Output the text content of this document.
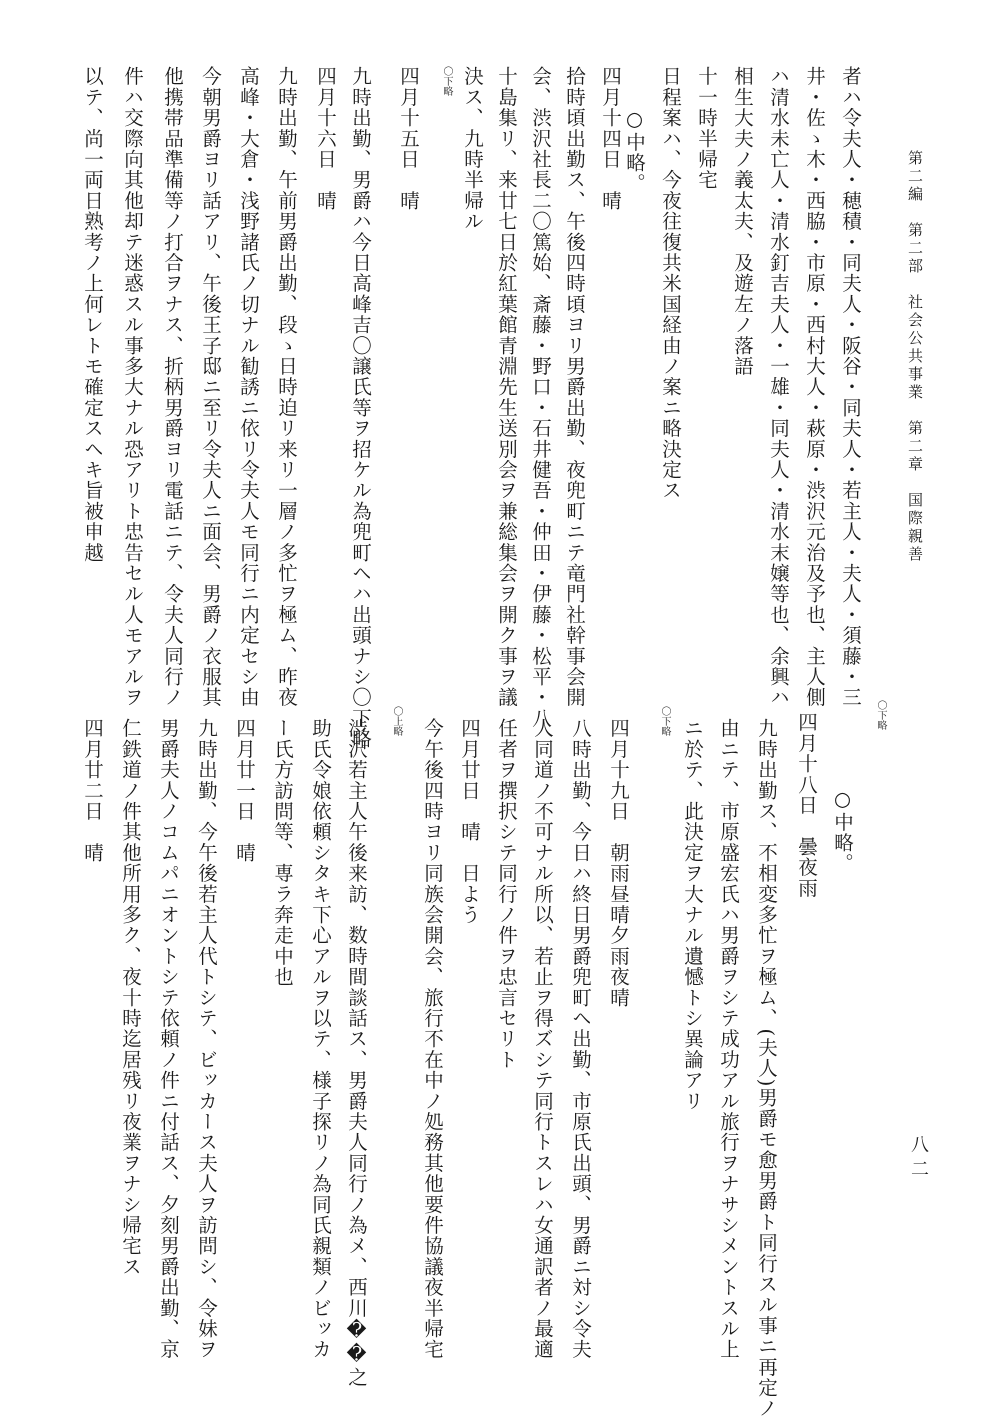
第二編　第二部　社会公共事業　第二章　国際親善
八二
者ハ令夫人・穂積・同夫人・阪谷・同夫人・若主人・夫人・須藤・三
井・佐ゝ木・西脇・市原・西村大人・萩原・渋沢元治及予也、主人側
ハ清水未亡人・清水釘吉夫人・一雄・同夫人・清水末嬢等也、余興ハ
相生大夫ノ義太夫、及遊左ノ落語
十一時半帰宅
日程案ハ、今夜往復共米国経由ノ案ニ略決定ス
　　○中略。
四月十四日　晴
拾時頃出勤ス、午後四時頃ヨリ男爵出勤、夜兜町ニテ竜門社幹事会開
会、渋沢社長二〇篤始、斎藤・野口・石井健吾・仲田・伊藤・松平・八
十島集リ、来廿七日於紅葉館青淵先生送別会ヲ兼総集会ヲ開ク事ヲ議
決ス、九時半帰ル
〇下略
四月十五日　晴
九時出勤、男爵ハ今日高峰吉〇譲氏等ヲ招ケル為兜町ヘハ出頭ナシ〇下略
四月十六日　晴
九時出勤、午前男爵出勤、段ゝ日時迫リ来リ一層ノ多忙ヲ極ム、昨夜
高峰・大倉・浅野諸氏ノ切ナル勧誘ニ依リ令夫人モ同行ニ内定セシ由
今朝男爵ヨリ話アリ、午後王子邸ニ至リ令夫人ニ面会、男爵ノ衣服其
他携帯品準備等ノ打合ヲナス、折柄男爵ヨリ電話ニテ、令夫人同行ノ
件ハ交際向其他却テ迷惑スル事多大ナル恐アリト忠告セル人モアルヲ
以テ、尚一両日熟考ノ上何レトモ確定スヘキ旨被申越
〇下略
　　○中略。
四月十八日　曇夜雨
九時出勤ス、不相変多忙ヲ極ム、(夫人)男爵モ愈男爵ト同行スル事ニ再定ノ
由ニテ、市原盛宏氏ハ男爵ヲシテ成功アル旅行ヲナサシメントスル上
ニ於テ、此決定ヲ大ナル遺憾トシ異論アリ
〇下略
四月十九日　朝雨昼晴夕雨夜晴
八時出勤、今日ハ終日男爵兜町ヘ出勤、市原氏出頭、男爵ニ対シ令夫
人同道ノ不可ナル所以、若止ヲ得ズシテ同行トスレハ女通訳者ノ最適
任者ヲ撰択シテ同行ノ件ヲ忠言セリト
四月廿日　晴　日よう
今午後四時ヨリ同族会開会、旅行不在中ノ処務其他要件協議夜半帰宅
〇上略
渋沢若主人午後来訪、数時間談話ス、男爵夫人同行ノ為メ、西川��之
助氏令娘依頼シタキ下心アルヲ以テ、様子探リノ為同氏親類ノビッカ
ー氏方訪問等、専ラ奔走中也
四月廿一日　晴
九時出勤、今午後若主人代トシテ、ビッカース夫人ヲ訪問シ、令妹ヲ
男爵夫人ノコムパニオントシテ依頼ノ件ニ付話ス、夕刻男爵出勤、京
仁鉄道ノ件其他所用多ク、夜十時迄居残リ夜業ヲナシ帰宅ス
四月廿二日　晴
